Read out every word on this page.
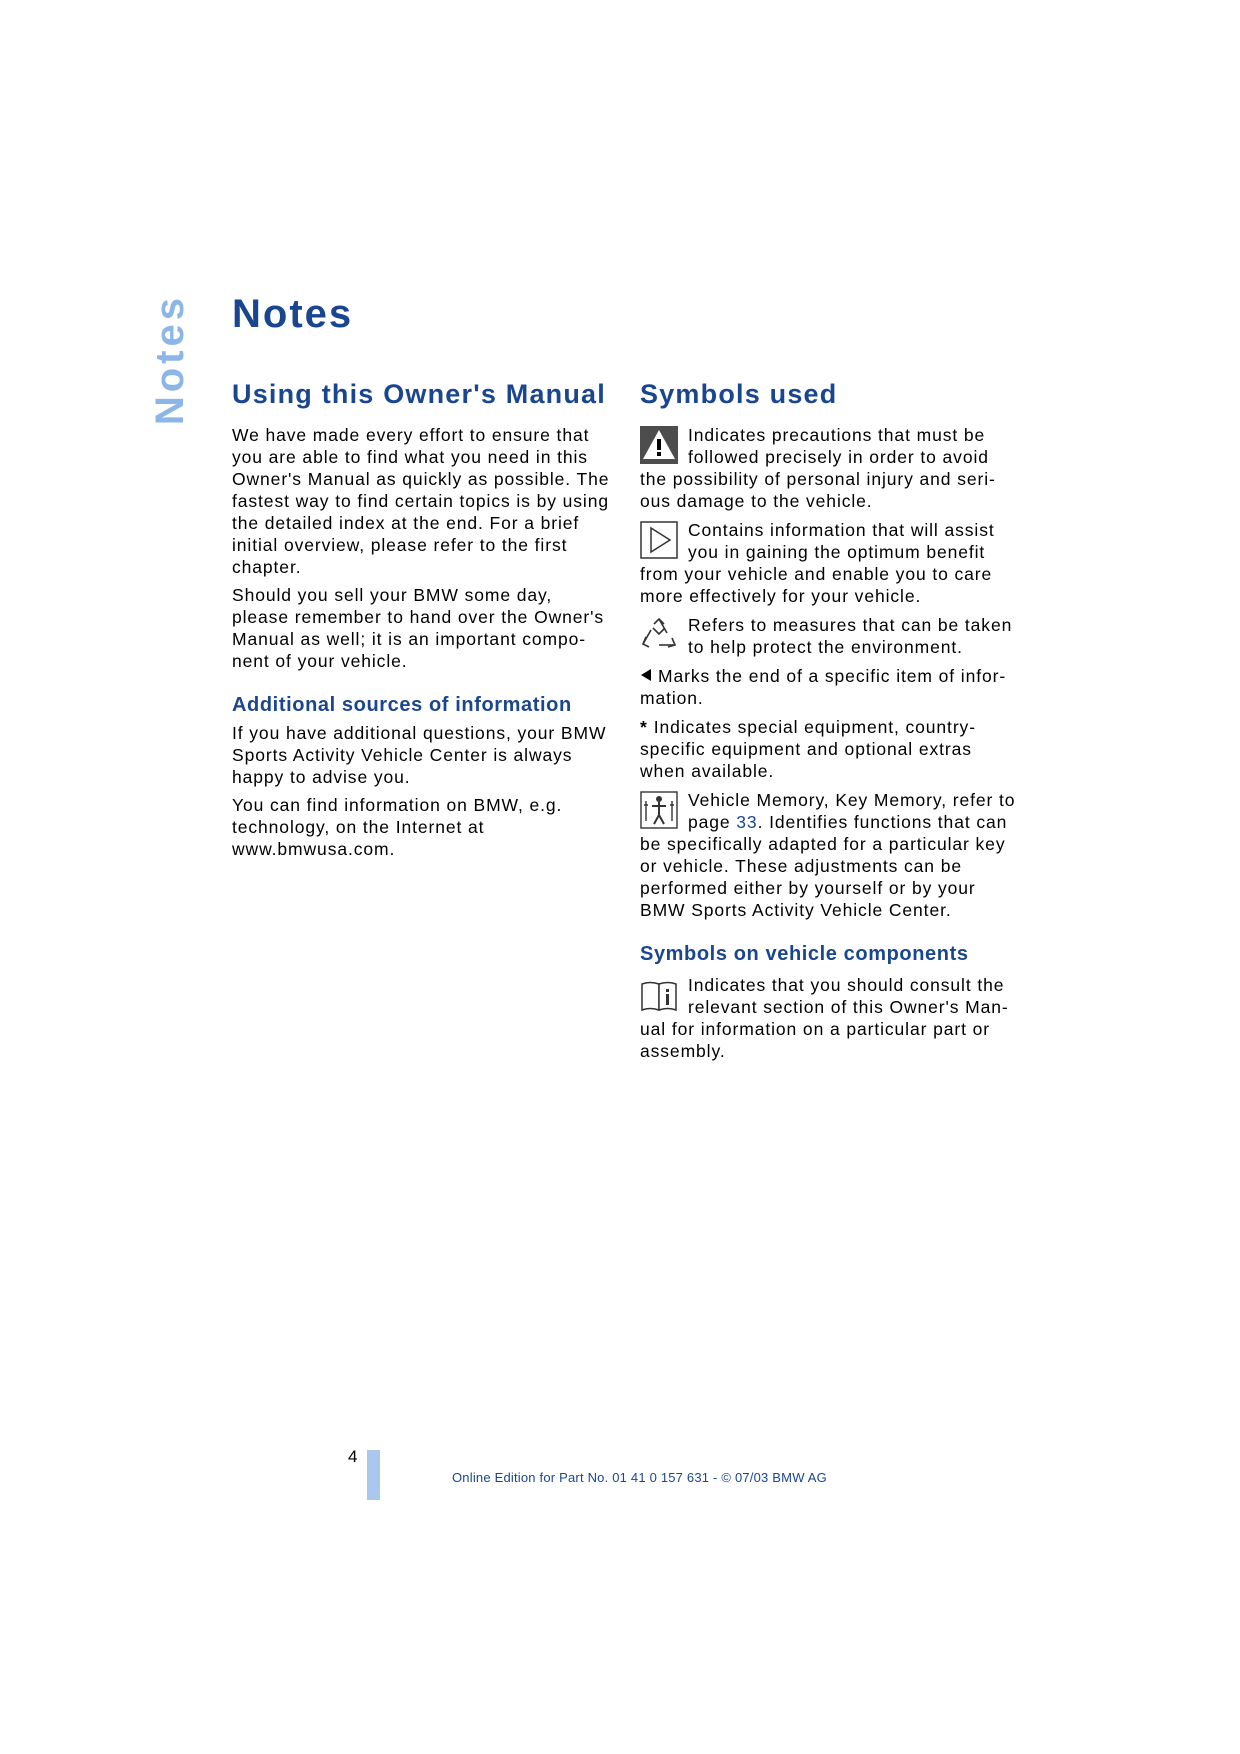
Notes Notes
Using this Owner's Manual

We have made every effort to ensure that you are able to find what you need in this Owner's Manual as quickly as possible. The fastest way to find certain topics is by using the detailed index at the end. For a brief initial overview, please refer to the first chapter.

Should you sell your BMW some day, please remember to hand over the Owner's Manual as well; it is an important compo-nent of your vehicle.

Additional sources of information

If you have additional questions, your BMW Sports Activity Vehicle Center is always happy to advise you.

You can find information on BMW, e.g. technology, on the Internet at www.bmwusa.com.

Symbols used
Indicates precautions that must be followed precisely in order to avoid the possibility of personal injury and seri-ous damage to the vehicle.
Contains information that will assist you in gaining the optimum benefit from your vehicle and enable you to care more effectively for your vehicle.
Refers to measures that can be taken to help protect the environment.
Marks the end of a specific item of infor-mation.
* Indicates special equipment, country-specific equipment and optional extras when available.
Vehicle Memory, Key Memory, refer to page 33. Identifies functions that can be specifically adapted for a particular key or vehicle. These adjustments can be performed either by yourself or by your BMW Sports Activity Vehicle Center.
Symbols on vehicle components
Indicates that you should consult the relevant section of this Owner's Man-ual for information on a particular part or assembly.
4
Online Edition for Part No. 01 41 0 157 631 - © 07/03 BMW AG
